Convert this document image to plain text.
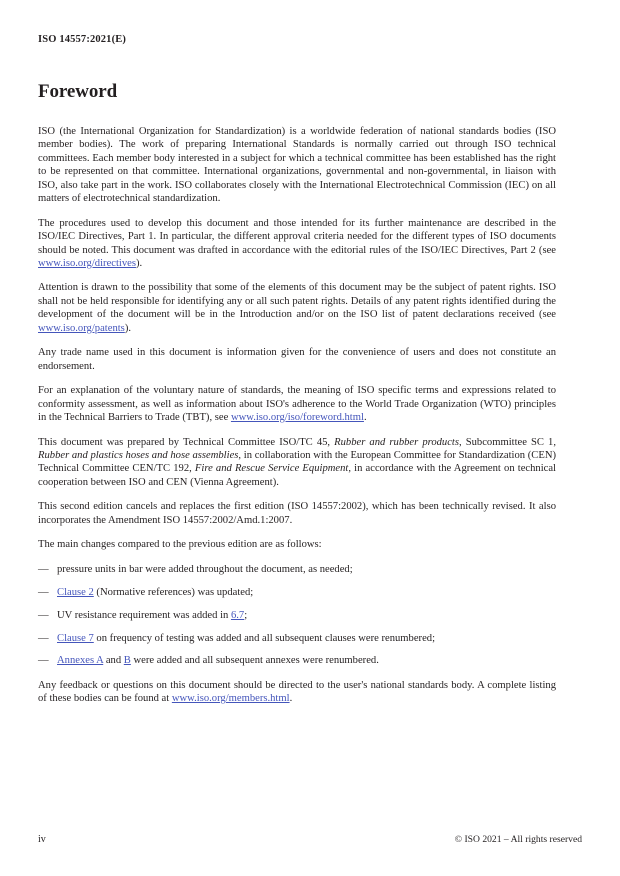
ISO 14557:2021(E)
Foreword

ISO (the International Organization for Standardization) is a worldwide federation of national standards bodies (ISO member bodies). The work of preparing International Standards is normally carried out through ISO technical committees. Each member body interested in a subject for which a technical committee has been established has the right to be represented on that committee. International organizations, governmental and non-governmental, in liaison with ISO, also take part in the work. ISO collaborates closely with the International Electrotechnical Commission (IEC) on all matters of electrotechnical standardization.

The procedures used to develop this document and those intended for its further maintenance are described in the ISO/IEC Directives, Part 1. In particular, the different approval criteria needed for the different types of ISO documents should be noted. This document was drafted in accordance with the editorial rules of the ISO/IEC Directives, Part 2 (see www.iso.org/directives).

Attention is drawn to the possibility that some of the elements of this document may be the subject of patent rights. ISO shall not be held responsible for identifying any or all such patent rights. Details of any patent rights identified during the development of the document will be in the Introduction and/or on the ISO list of patent declarations received (see www.iso.org/patents).

Any trade name used in this document is information given for the convenience of users and does not constitute an endorsement.

For an explanation of the voluntary nature of standards, the meaning of ISO specific terms and expressions related to conformity assessment, as well as information about ISO's adherence to the World Trade Organization (WTO) principles in the Technical Barriers to Trade (TBT), see www.iso.org/iso/foreword.html.

This document was prepared by Technical Committee ISO/TC 45, Rubber and rubber products, Subcommittee SC 1, Rubber and plastics hoses and hose assemblies, in collaboration with the European Committee for Standardization (CEN) Technical Committee CEN/TC 192, Fire and Rescue Service Equipment, in accordance with the Agreement on technical cooperation between ISO and CEN (Vienna Agreement).

This second edition cancels and replaces the first edition (ISO 14557:2002), which has been technically revised. It also incorporates the Amendment ISO 14557:2002/Amd.1:2007.

The main changes compared to the previous edition are as follows:

— pressure units in bar were added throughout the document, as needed;
— Clause 2 (Normative references) was updated;
— UV resistance requirement was added in 6.7;
— Clause 7 on frequency of testing was added and all subsequent clauses were renumbered;
— Annexes A and B were added and all subsequent annexes were renumbered.

Any feedback or questions on this document should be directed to the user's national standards body. A complete listing of these bodies can be found at www.iso.org/members.html.

iv	© ISO 2021 – All rights reserved
